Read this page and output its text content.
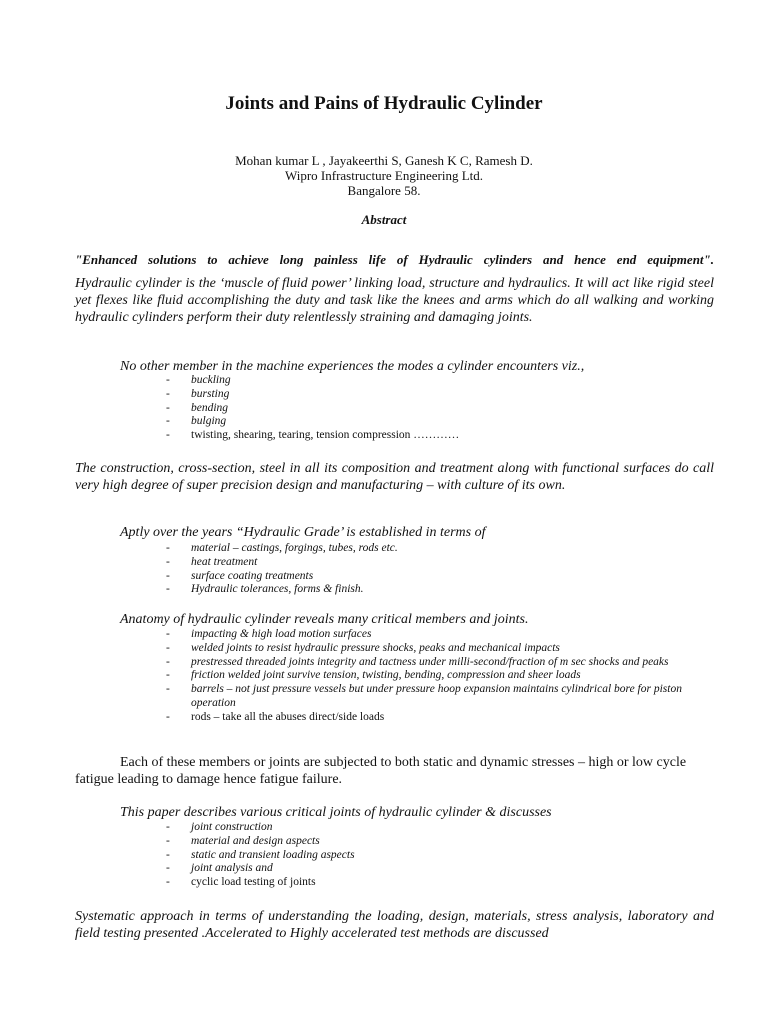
Joints and Pains of Hydraulic Cylinder
Mohan kumar L , Jayakeerthi S, Ganesh K C, Ramesh D.
Wipro Infrastructure Engineering Ltd.
Bangalore 58.
Abstract
"Enhanced solutions to achieve long painless life of Hydraulic cylinders and hence end equipment".
Hydraulic cylinder is the ‘muscle of fluid power’ linking load, structure and hydraulics. It will act like rigid steel yet flexes like fluid accomplishing the duty and task like the knees and arms which do all walking and working hydraulic cylinders perform their duty relentlessly straining and damaging joints.
No other member in the machine experiences the modes a cylinder encounters viz.,
- buckling
- bursting
- bending
- bulging
- twisting, shearing, tearing, tension compression …………
The construction, cross-section, steel in all its composition and treatment along with functional surfaces do call very high degree of super precision design and manufacturing – with culture of its own.
Aptly over the years “Hydraulic Grade’ is established in terms of
- material – castings, forgings, tubes, rods etc.
- heat treatment
- surface coating treatments
- Hydraulic tolerances, forms & finish.
Anatomy of hydraulic cylinder reveals many critical members and joints.
- impacting & high load motion surfaces
- welded joints to resist hydraulic pressure shocks, peaks and mechanical impacts
- prestressed threaded joints integrity and tactness under milli-second/fraction of m sec shocks and peaks
- friction welded joint survive tension, twisting, bending, compression and sheer loads
- barrels – not just pressure vessels but under pressure hoop expansion maintains cylindrical bore for piston operation
- rods – take all the abuses direct/side loads
Each of these members or joints are subjected to both static and dynamic stresses – high or low cycle fatigue leading to damage hence fatigue failure.
This paper describes various critical joints of hydraulic cylinder & discusses
- joint construction
- material and design aspects
- static and transient loading aspects
- joint analysis and
- cyclic load testing of joints
Systematic approach in terms of understanding the loading, design, materials, stress analysis, laboratory and field testing presented .Accelerated to Highly accelerated test methods are discussed
